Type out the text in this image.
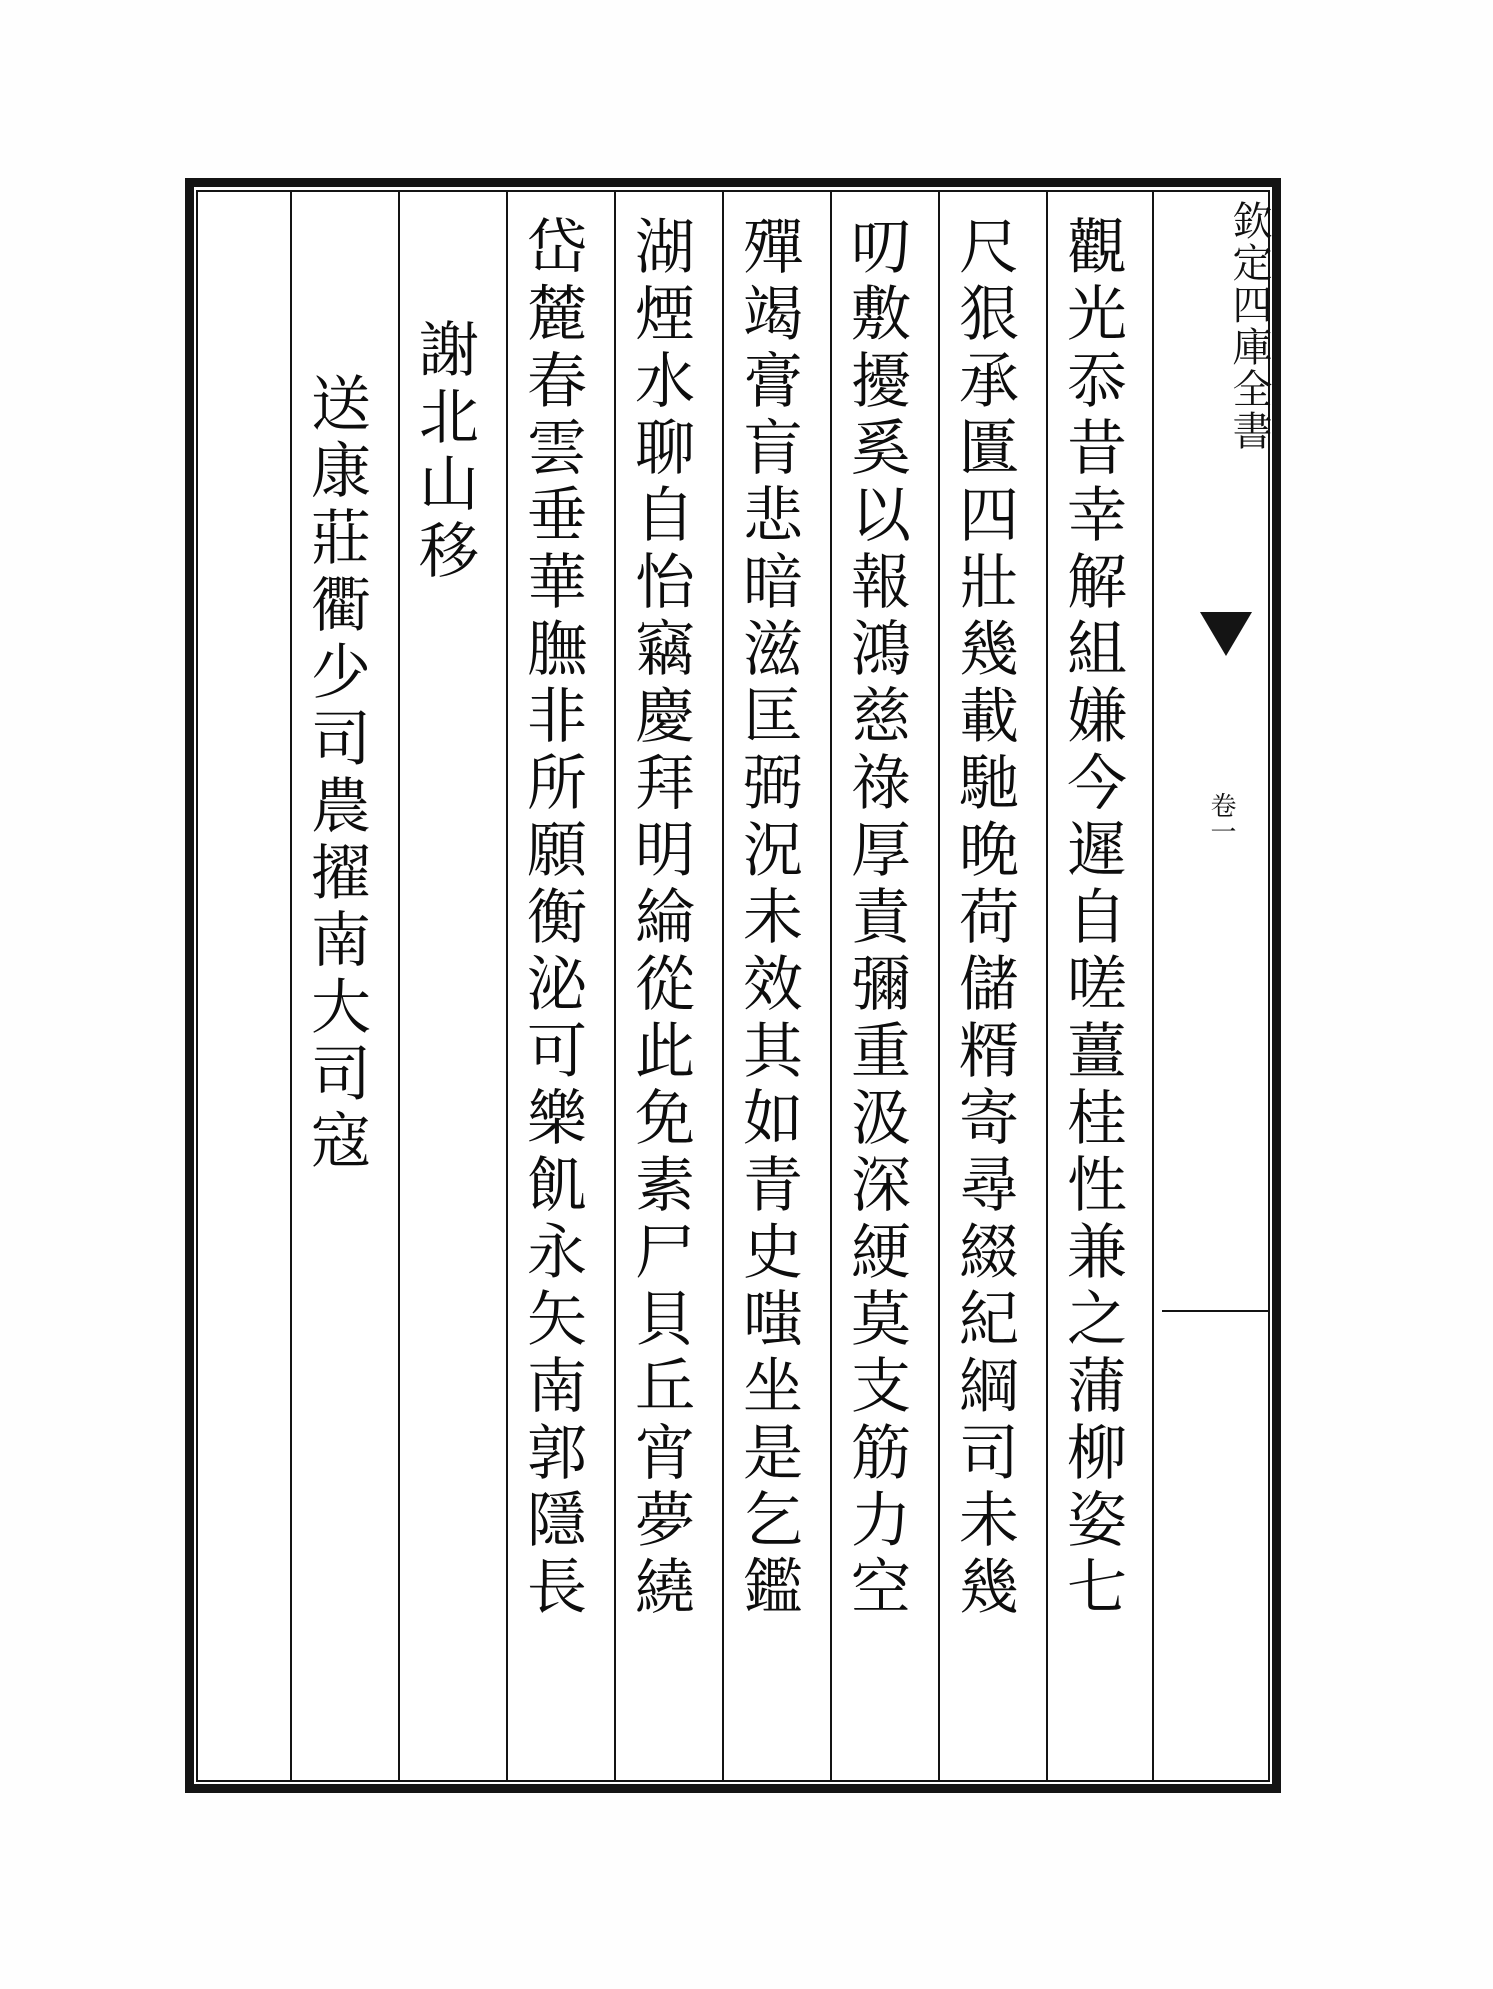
欽定四庫全書
卷一
觀光忝昔幸解組嫌今遲自嗟薑桂性兼之蒲柳姿七
尺狠承匱四壯幾載馳晚荷儲糈寄尋綴紀綱司未幾
叨敷擾奚以報鴻慈祿厚責彌重汲深綆莫支筋力空
殫竭膏肓悲暗滋匡弼況未效其如青史嗤坐是乞鑑
湖煙水聊自怡竊慶拜明綸從此免素尸貝丘宵夢繞
岱麓春雲垂華膴非所願衡泌可樂飢永矢南郭隱長
謝北山移
送康莊衢少司農擢南大司寇
